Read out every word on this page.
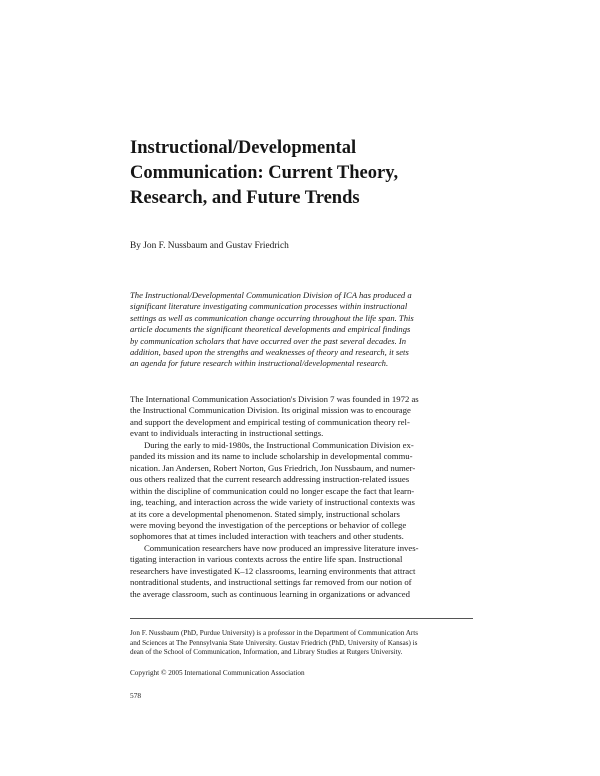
Instructional/Developmental
Communication: Current Theory,
Research, and Future Trends
By Jon F. Nussbaum and Gustav Friedrich
The Instructional/Developmental Communication Division of ICA has produced a
significant literature investigating communication processes within instructional
settings as well as communication change occurring throughout the life span. This
article documents the significant theoretical developments and empirical findings
by communication scholars that have occurred over the past several decades. In
addition, based upon the strengths and weaknesses of theory and research, it sets
an agenda for future research within instructional/developmental research.
The International Communication Association's Division 7 was founded in 1972 as
the Instructional Communication Division. Its original mission was to encourage
and support the development and empirical testing of communication theory rel-
evant to individuals interacting in instructional settings.
During the early to mid-1980s, the Instructional Communication Division ex-
panded its mission and its name to include scholarship in developmental commu-
nication. Jan Andersen, Robert Norton, Gus Friedrich, Jon Nussbaum, and numer-
ous others realized that the current research addressing instruction-related issues
within the discipline of communication could no longer escape the fact that learn-
ing, teaching, and interaction across the wide variety of instructional contexts was
at its core a developmental phenomenon. Stated simply, instructional scholars
were moving beyond the investigation of the perceptions or behavior of college
sophomores that at times included interaction with teachers and other students.
Communication researchers have now produced an impressive literature inves-
tigating interaction in various contexts across the entire life span. Instructional
researchers have investigated K–12 classrooms, learning environments that attract
nontraditional students, and instructional settings far removed from our notion of
the average classroom, such as continuous learning in organizations or advanced
Jon F. Nussbaum (PhD, Purdue University) is a professor in the Department of Communication Arts
and Sciences at The Pennsylvania State University. Gustav Friedrich (PhD, University of Kansas) is
dean of the School of Communication, Information, and Library Studies at Rutgers University.
Copyright © 2005 International Communication Association
578
